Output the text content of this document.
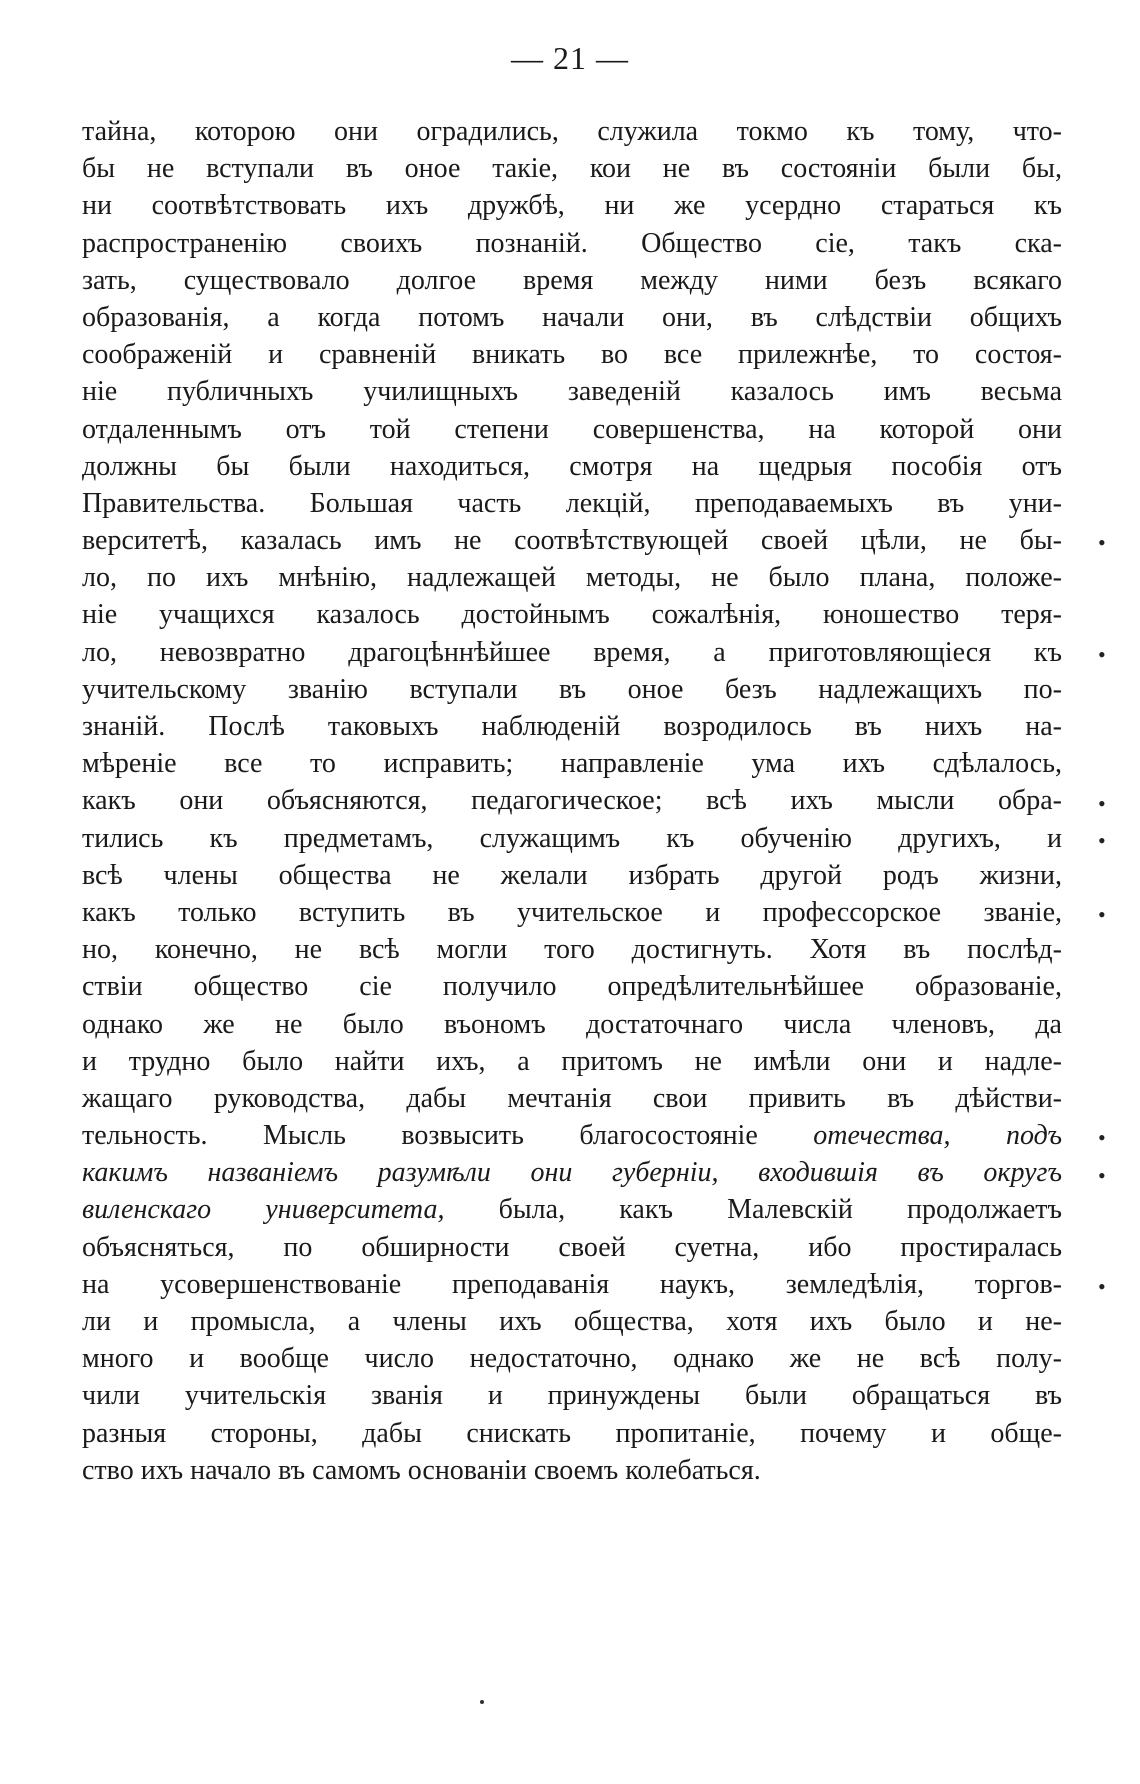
— 21 —
тайна, которою они оградились, служила токмо къ тому, что-
бы не вступали въ оное такіе, кои не въ состояніи были бы,
ни соотвѣтствовать ихъ дружбѣ, ни же усердно стараться къ
распространенію своихъ познаній. Общество сіе, такъ ска-
зать, существовало долгое время между ними безъ всякаго
образованія, а когда потомъ начали они, въ слѣдствіи общихъ
соображеній и сравненій вникать во все прилежнѣе, то состоя-
ніе публичныхъ училищныхъ заведеній казалось имъ весьма
отдаленнымъ отъ той степени совершенства, на которой они
должны бы были находиться, смотря на щедрыя пособія отъ
Правительства. Большая часть лекцій, преподаваемыхъ въ уни-
верситетѣ, казалась имъ не соотвѣтствующей своей цѣли, не бы-
ло, по ихъ мнѣнію, надлежащей методы, не было плана, положе-
ніе учащихся казалось достойнымъ сожалѣнія, юношество теря-
ло, невозвратно драгоцѣннѣйшее время, а приготовляющіеся къ
учительскому званію вступали въ оное безъ надлежащихъ по-
знаній. Послѣ таковыхъ наблюденій возродилось въ нихъ на-
мѣреніе все то исправить; направленіе ума ихъ сдѣлалось,
какъ они объясняются, педагогическое; всѣ ихъ мысли обра-
тились къ предметамъ, служащимъ къ обученію другихъ, и
всѣ члены общества не желали избрать другой родъ жизни,
какъ только вступить въ учительское и профессорское званіе,
но, конечно, не всѣ могли того достигнуть. Хотя въ послѣд-
ствіи общество сіе получило опредѣлительнѣйшее образованіе,
однако же не было въономъ достаточнаго числа членовъ, да
и трудно было найти ихъ, а притомъ не имѣли они и надле-
жащаго руководства, дабы мечтанія свои привить въ дѣйстви-
тельность. Мысль возвысить благосостояніе отечества, подъ
какимъ названіемъ разумѣли они губерніи, входившія въ округъ
виленскаго университета, была, какъ Малевскій продолжаетъ
объясняться, по обширности своей суетна, ибо простиралась
на усовершенствованіе преподаванія наукъ, земледѣлія, торгов-
ли и промысла, а члены ихъ общества, хотя ихъ было и не-
много и вообще число недостаточно, однако же не всѣ полу-
чили учительскія званія и принуждены были обращаться въ
разныя стороны, дабы снискать пропитаніе, почему и обще-
ство ихъ начало въ самомъ основаніи своемъ колебаться.
•
•
•
•
•
•
•
•
